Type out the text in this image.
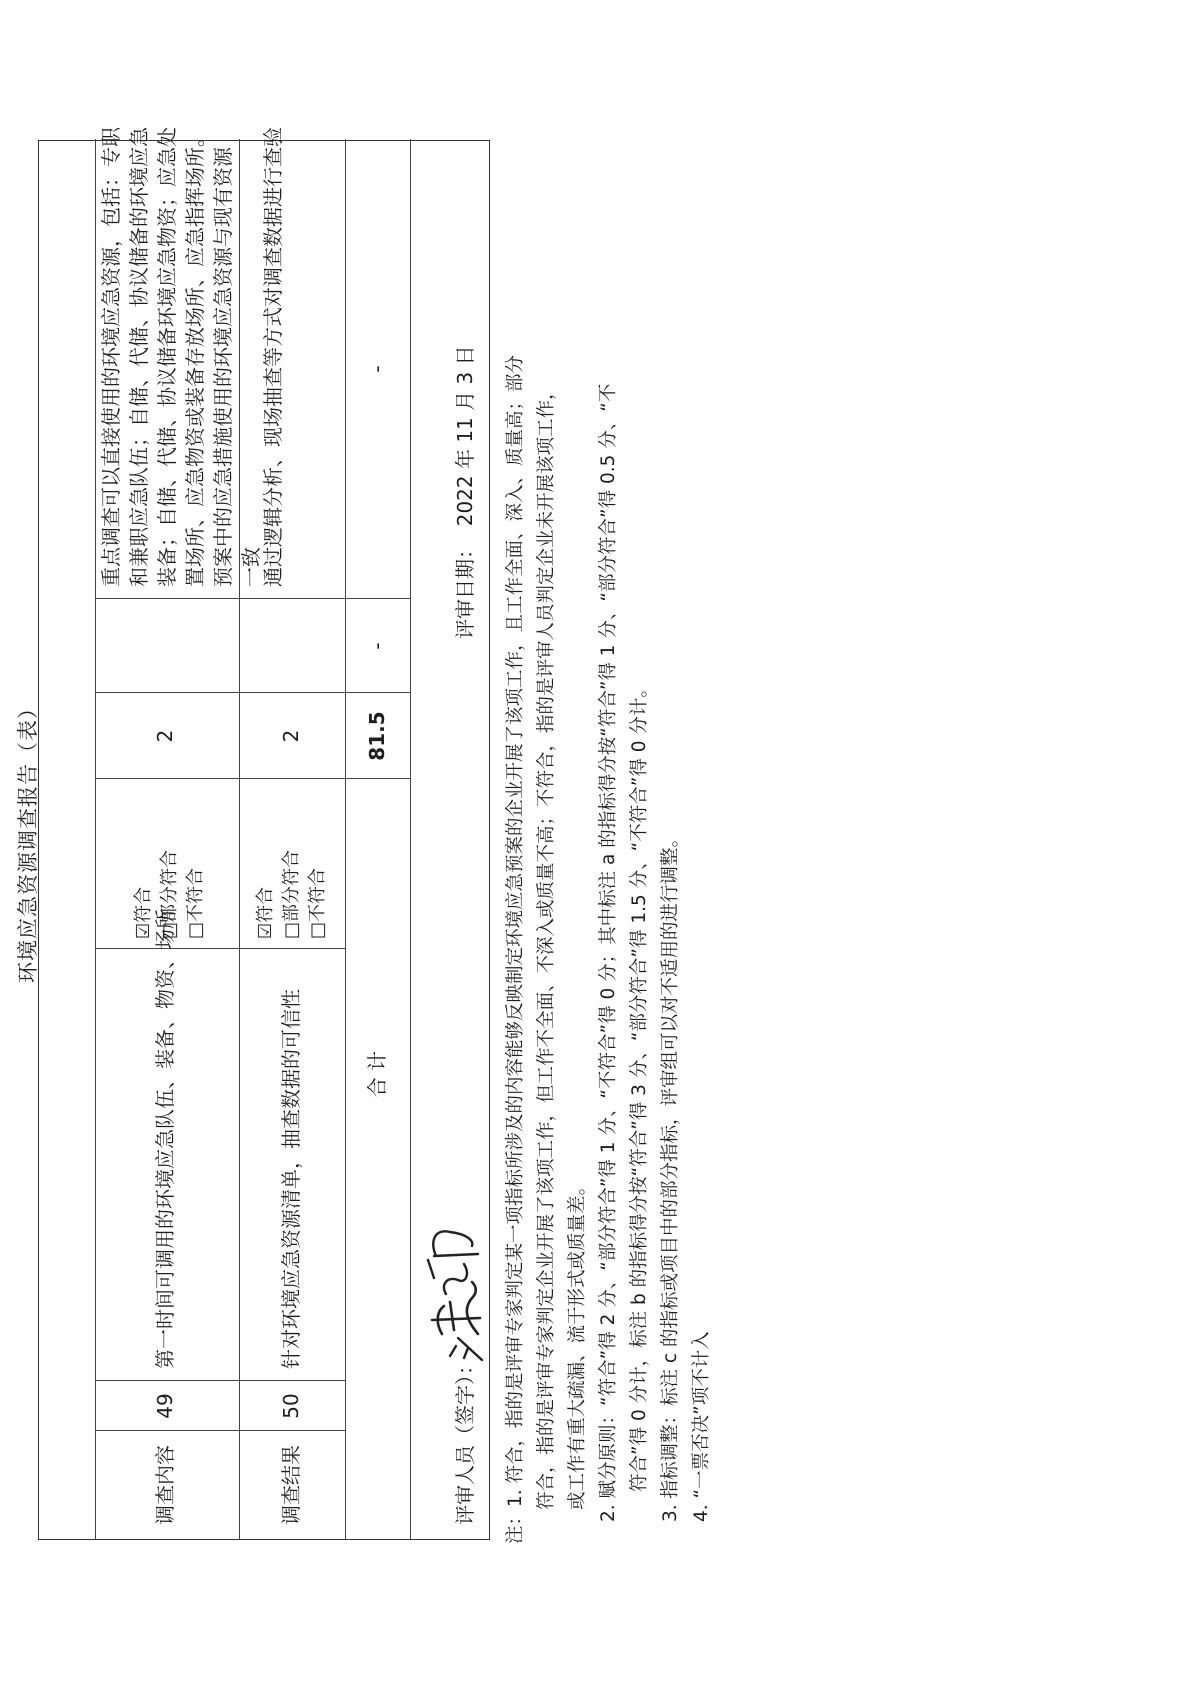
环境应急资源调查报告（表）
调查内容
49
第一时间可调用的环境应急队伍、装备、物资、场所
☑符合 □部分符合 □不符合
2
重点调查可以直接使用的环境应急资源，包括：专职 和兼职应急队伍；自储、代储、协议储备的环境应急 装备；自储、代储、协议储备环境应急物资；应急处 置场所、应急物资或装备存放场所、应急指挥场所。 预案中的应急措施使用的环境应急资源与现有资源 一致
调查结果
50
针对环境应急资源清单，抽查数据的可信性
☑符合 □部分符合 □不符合
2
通过逻辑分析、现场抽查等方式对调查数据进行查验
合 计
81.5
-
-
评审人员（签字）：
评审日期：  2022 年 11 月 3 日 注：1. 符合，指的是评审专家判定某一项指标所涉及的内容能够反映制定环境应急预案的企业开展了该项工作，且工作全面、深入、质量高；部分 符合，指的是评审专家判定企业开展了该项工作，但工作不全面、不深入或质量不高；不符合，指的是评审人员判定企业未开展该项工作， 或工作有重大疏漏、流于形式或质量差。 2. 赋分原则：“符合”得 2 分、“部分符合”得 1 分、“不符合”得 0 分；其中标注 a 的指标得分按“符合”得 1 分、“部分符合”得 0.5 分、“不 符合”得 0 分计，标注 b 的指标得分按“符合”得 3 分、“部分符合”得 1.5 分、“不符合”得 0 分计。 3. 指标调整：标注 c 的指标或项目中的部分指标，评审组可以对不适用的进行调整。 4. “一票否决”项不计入
